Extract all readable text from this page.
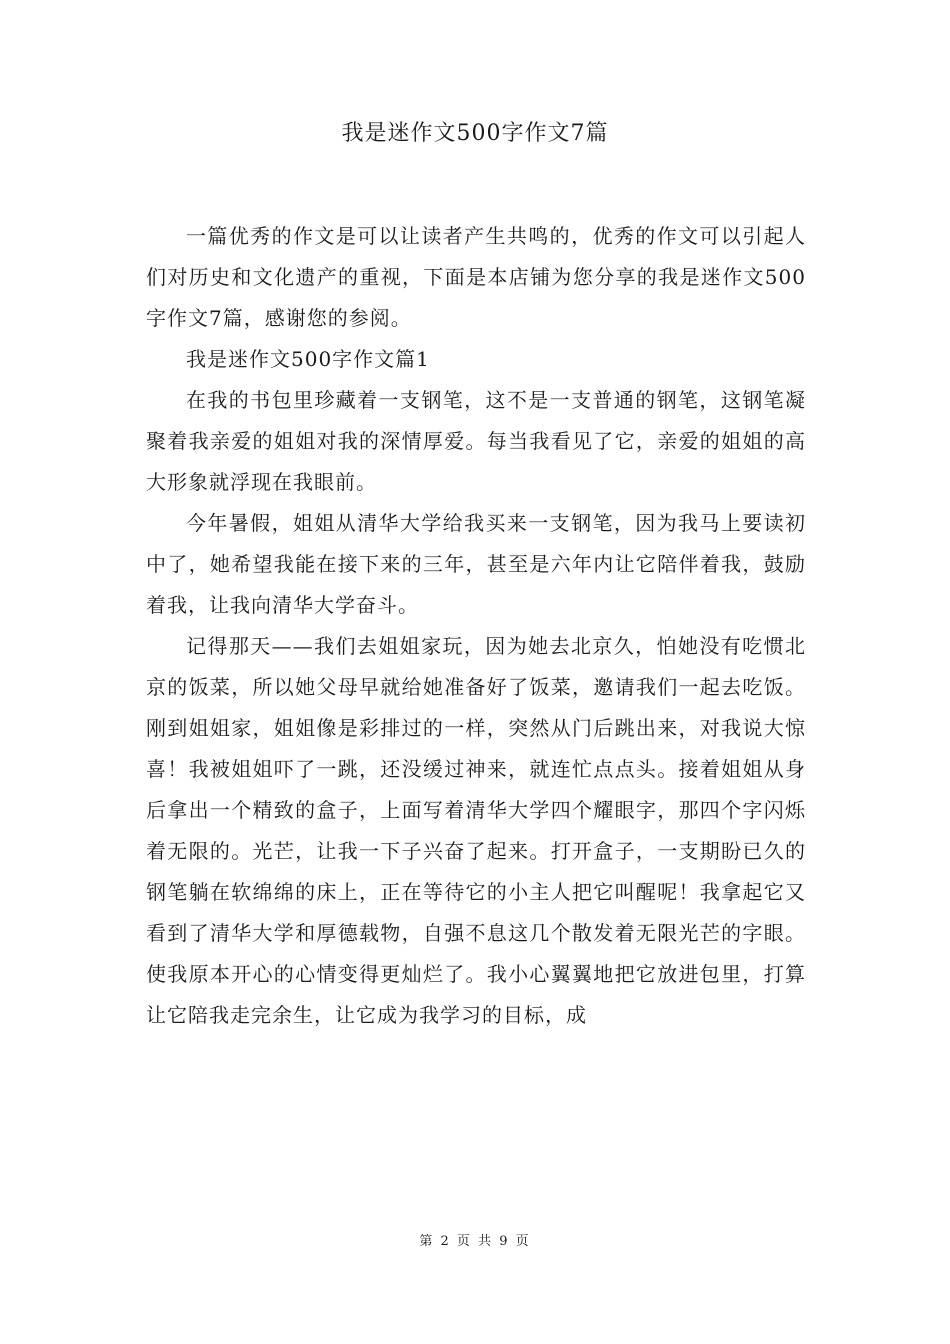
我是迷作文500字作文7篇

一篇优秀的作文是可以让读者产生共鸣的，优秀的作文可以引起人们对历史和文化遗产的重视，下面是本店铺为您分享的我是迷作文500字作文7篇，感谢您的参阅。

我是迷作文500字作文篇1

在我的书包里珍藏着一支钢笔，这不是一支普通的钢笔，这钢笔凝聚着我亲爱的姐姐对我的深情厚爱。每当我看见了它，亲爱的姐姐的高大形象就浮现在我眼前。

今年暑假，姐姐从清华大学给我买来一支钢笔，因为我马上要读初中了，她希望我能在接下来的三年，甚至是六年内让它陪伴着我，鼓励着我，让我向清华大学奋斗。

记得那天——我们去姐姐家玩，因为她去北京久，怕她没有吃惯北京的饭菜，所以她父母早就给她准备好了饭菜，邀请我们一起去吃饭。刚到姐姐家，姐姐像是彩排过的一样，突然从门后跳出来，对我说大惊喜！我被姐姐吓了一跳，还没缓过神来，就连忙点点头。接着姐姐从身后拿出一个精致的盒子，上面写着清华大学四个耀眼字，那四个字闪烁着无限的。光芒，让我一下子兴奋了起来。打开盒子，一支期盼已久的钢笔躺在软绵绵的床上，正在等待它的小主人把它叫醒呢！我拿起它又看到了清华大学和厚德载物，自强不息这几个散发着无限光芒的字眼。使我原本开心的心情变得更灿烂了。我小心翼翼地把它放进包里，打算让它陪我走完余生，让它成为我学习的目标，成

第 2 页 共 9 页
